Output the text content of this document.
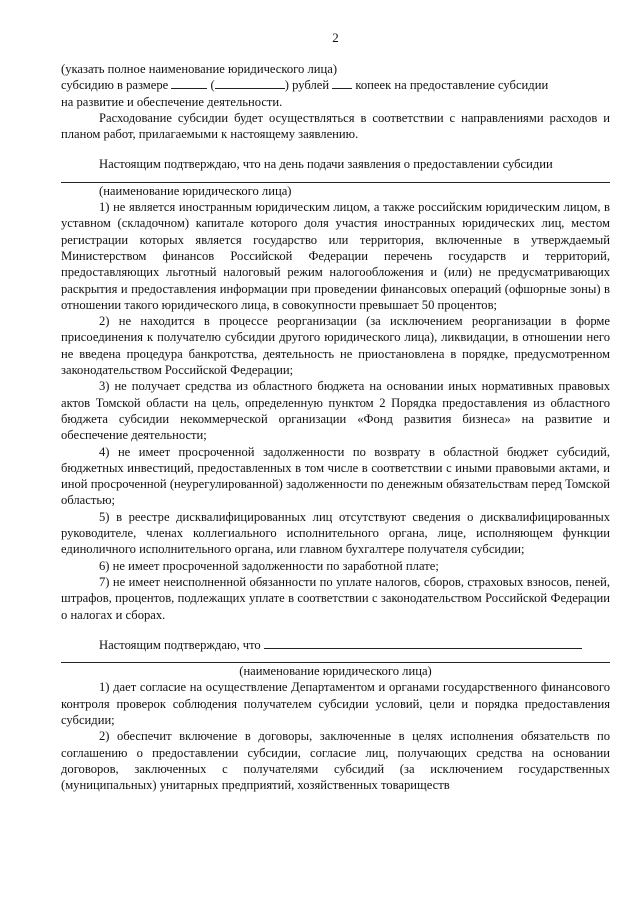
2

(указать полное наименование юридического лица)

субсидию в размере	(	) рублей копеек на предоставление субсидии

на развитие и обеспечение деятельности.

Расходование субсидии будет осуществляться в соответствии с направлениями расходов и планом работ, прилагаемыми к настоящему заявлению.

Настоящим подтверждаю, что на день подачи заявления о предоставлении субсидии

(наименование юридического лица)

1) не является иностранным юридическим лицом, а также российским юридическим лицом, в уставном (складочном) капитале которого доля участия иностранных юридических лиц, местом регистрации которых является государство или территория, включенные в утверждаемый Министерством финансов Российской Федерации перечень государств и территорий, предоставляющих льготный налоговый режим налогообложения и (или) не предусматривающих раскрытия и предоставления информации при проведении финансовых операций (офшорные зоны) в отношении такого юридического лица, в совокупности превышает 50 процентов;

2) не находится в процессе реорганизации (за исключением реорганизации в форме присоединения к получателю субсидии другого юридического лица), ликвидации, в отношении него не введена процедура банкротства, деятельность не приостановлена в порядке, предусмотренном законодательством Российской Федерации;

3) не получает средства из областного бюджета на основании иных нормативных правовых актов Томской области на цель, определенную пунктом 2 Порядка предоставления из областного бюджета субсидии некоммерческой организации «Фонд развития бизнеса» на развитие и обеспечение деятельности;

4) не имеет просроченной задолженности по возврату в областной бюджет субсидий, бюджетных инвестиций, предоставленных в том числе в соответствии с иными правовыми актами, и иной просроченной (неурегулированной) задолженности по денежным обязательствам перед Томской областью;

5) в реестре дисквалифицированных лиц отсутствуют сведения о дисквалифицированных руководителе, членах коллегиального исполнительного органа, лице, исполняющем функции единоличного исполнительного органа, или главном бухгалтере получателя субсидии;

6) не имеет просроченной задолженности по заработной плате;

7) не имеет неисполненной обязанности по уплате налогов, сборов, страховых взносов, пеней, штрафов, процентов, подлежащих уплате в соответствии с законодательством Российской Федерации о налогах и сборах.

Настоящим подтверждаю, что

(наименование юридического лица)

1) дает согласие на осуществление Департаментом и органами государственного финансового контроля проверок соблюдения получателем субсидии условий, цели и порядка предоставления субсидии;

2) обеспечит включение в договоры, заключенные в целях исполнения обязательств по соглашению о предоставлении субсидии, согласие лиц, получающих средства на основании договоров, заключенных с получателями субсидий (за исключением государственных (муниципальных) унитарных предприятий, хозяйственных товариществ
